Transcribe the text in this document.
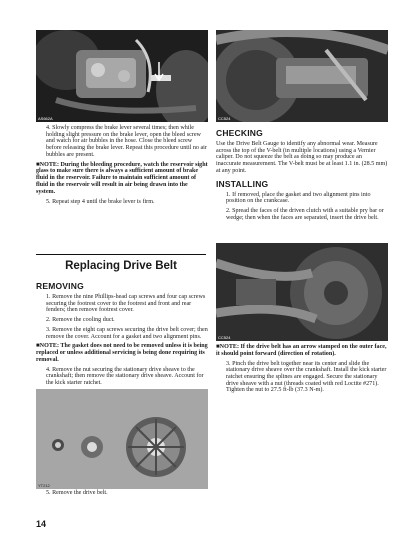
AS662A	CC524
4. Slowly compress the brake lever several times; then while holding slight pressure on the brake lever, open the bleed screw and watch for air bubbles in the hose. Close the bleed screw before releasing the brake lever. Repeat this procedure until no air bubbles are present.
■NOTE: During the bleeding procedure, watch the reservoir sight glass to make sure there is always a sufficient amount of brake fluid in the reservoir. Failure to maintain sufficient amount of fluid in the reservoir will result in air being drawn into the system.
5. Repeat step 4 until the brake lever is firm.
Replacing Drive Belt
REMOVING
1. Remove the nine Phillips-head cap screws and four cap screws securing the footrest cover to the footrest and front and rear fenders; then remove footrest cover.
2. Remove the cooling duct.
3. Remove the eight cap screws securing the drive belt cover; then remove the cover. Account for a gasket and two alignment pins.
■NOTE: The gasket does not need to be removed unless it is being replaced or unless additional servicing is being done requiring its removal.
4. Remove the nut securing the stationary drive sheave to the crankshaft; then remove the stationary drive sheave. Account for the kick starter ratchet.
YT212
5. Remove the drive belt.
CHECKING

Use the Drive Belt Gauge to identify any abnormal wear. Measure across the top of the V-belt (in multiple locations) using a Vernier caliper. Do not squeeze the belt as doing so may produce an inaccurate measurement. The V-belt must be at least 1.1 in. (28.5 mm) at any point.

INSTALLING
1. If removed, place the gasket and two alignment pins into position on the crankcase.
2. Spread the faces of the driven clutch with a suitable pry bar or wedge; then when the faces are separated, insert the drive belt.
CC524
■NOTE: If the drive belt has an arrow stamped on the outer face, it should point forward (direction of rotation).
3. Pinch the drive belt together near its center and slide the stationary drive sheave over the crankshaft. Install the kick starter ratchet ensuring the splines are engaged. Secure the stationary drive sheave with a nut (threads coated with red Loctite #271). Tighten the nut to 27.5 ft-lb (37.3 N-m).
14
